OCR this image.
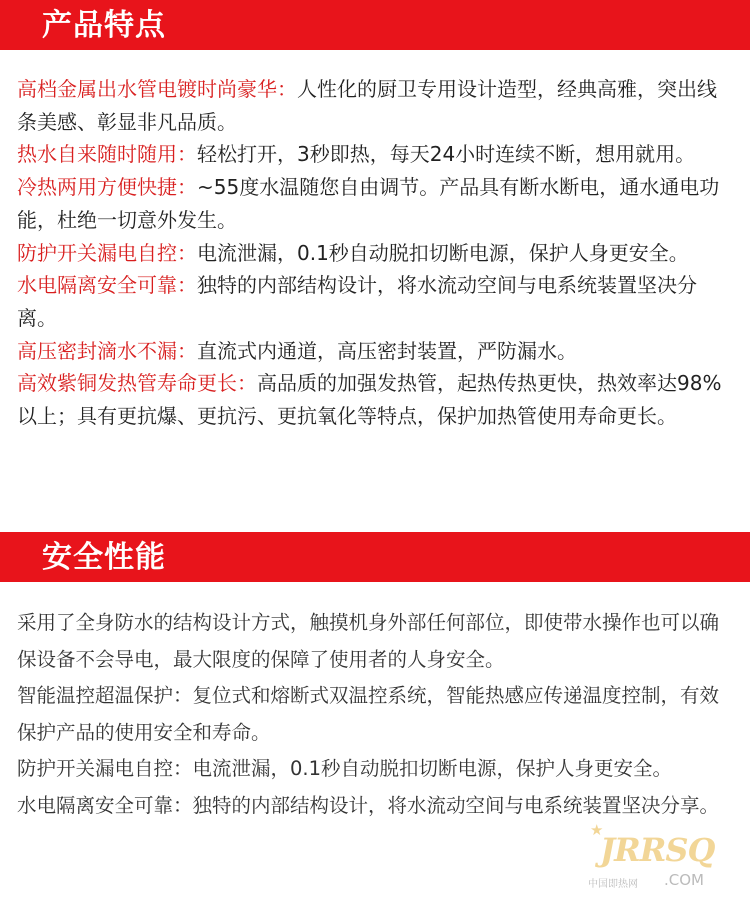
产品特点

高档金属出水管电镀时尚豪华：人性化的厨卫专用设计造型，经典高雅，突出线条美感、彰显非凡品质。

热水自来随时随用：轻松打开，3秒即热，每天24小时连续不断，想用就用。

冷热两用方便快捷：~55度水温随您自由调节。产品具有断水断电，通水通电功能，杜绝一切意外发生。

防护开关漏电自控：电流泄漏，0.1秒自动脱扣切断电源，保护人身更安全。

水电隔离安全可靠：独特的内部结构设计，将水流动空间与电系统装置坚决分离。

高压密封滴水不漏：直流式内通道，高压密封装置，严防漏水。

高效紫铜发热管寿命更长：高品质的加强发热管，起热传热更快，热效率达98%以上；具有更抗爆、更抗污、更抗氧化等特点，保护加热管使用寿命更长。

安全性能

采用了全身防水的结构设计方式，触摸机身外部任何部位，即使带水操作也可以确保设备不会导电，最大限度的保障了使用者的人身安全。

智能温控超温保护：复位式和熔断式双温控系统，智能热感应传递温度控制，有效保护产品的使用安全和寿命。

防护开关漏电自控：电流泄漏，0.1秒自动脱扣切断电源，保护人身更安全。

水电隔离安全可靠：独特的内部结构设计，将水流动空间与电系统装置坚决分享。

★
JRRSQ
中国即热网 .COM
